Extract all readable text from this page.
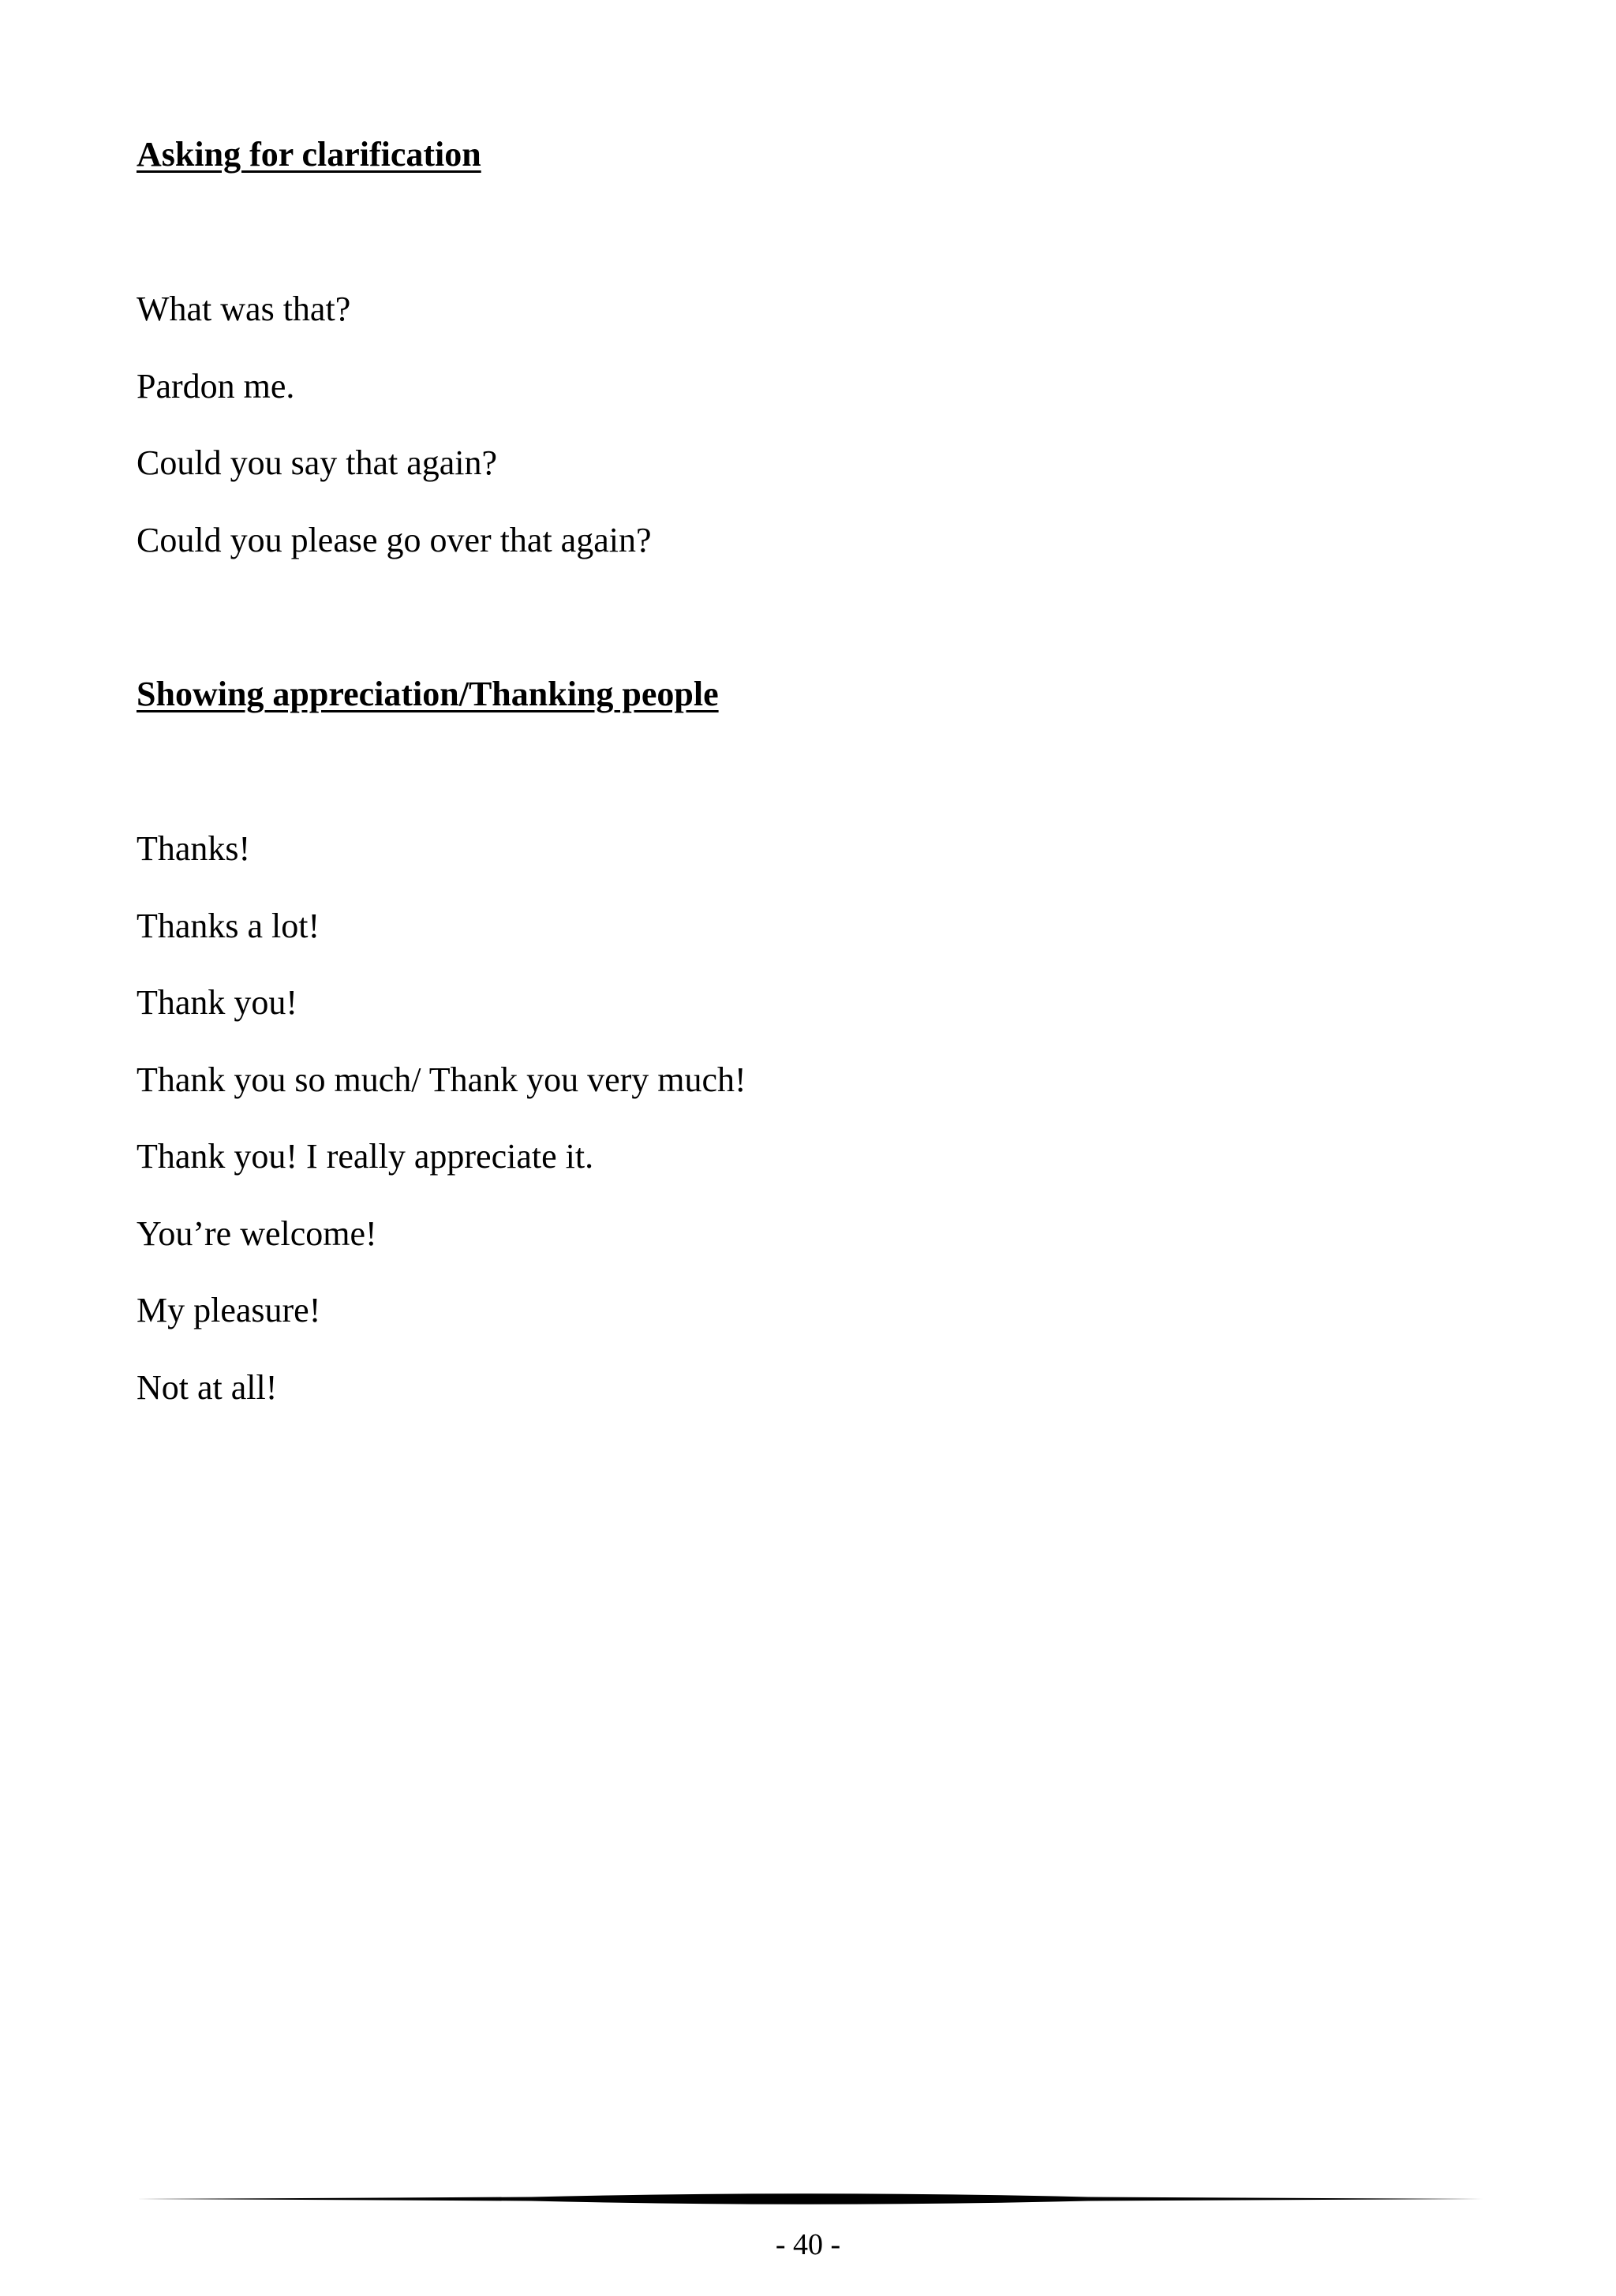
Asking for clarification
What was that?
Pardon me.
Could you say that again?
Could you please go over that again?
Showing appreciation/Thanking people
Thanks!
Thanks a lot!
Thank you!
Thank you so much/ Thank you very much!
Thank you! I really appreciate it.
You’re welcome!
My pleasure!
Not at all!
- 40 -
